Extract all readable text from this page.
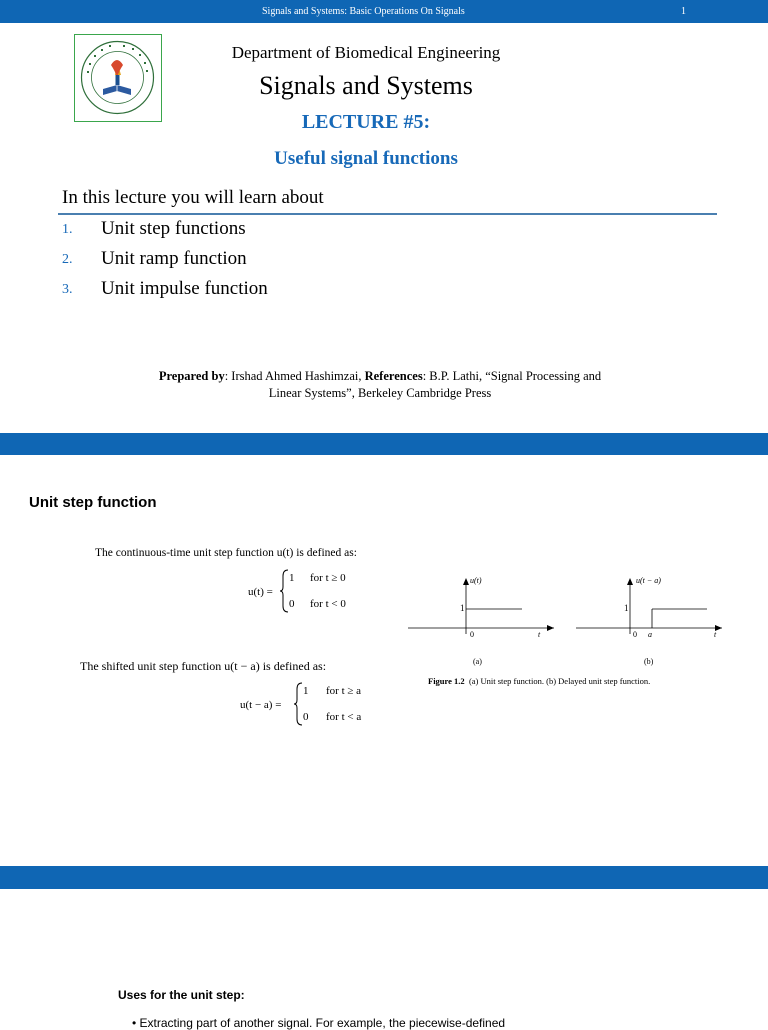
Signals and Systems: Basic Operations On Signals	1
Department of Biomedical Engineering
Signals and Systems
LECTURE #5:
Useful signal functions
In this lecture you will learn about
1. Unit step functions
2. Unit ramp function
3. Unit impulse function
Prepared by: Irshad Ahmed Hashimzai, References: B.P. Lathi, “Signal Processing and
Linear Systems”, Berkeley Cambridge Press
Unit step function
The continuous-time unit step function u(t) is defined as:
u(t) =
1 for t ≥ 0
0 for t < 0
The shifted unit step function u(t − a) is defined as:
u(t − a) =
1 for t ≥ a
0 for t < a
u(t)
1
0	t
(a)
u(t − a)
1
0 a	t
(b)
Figure 1.2 (a) Unit step function. (b) Delayed unit step function.
Uses for the unit step:
• Extracting part of another signal. For example, the piecewise-defined
